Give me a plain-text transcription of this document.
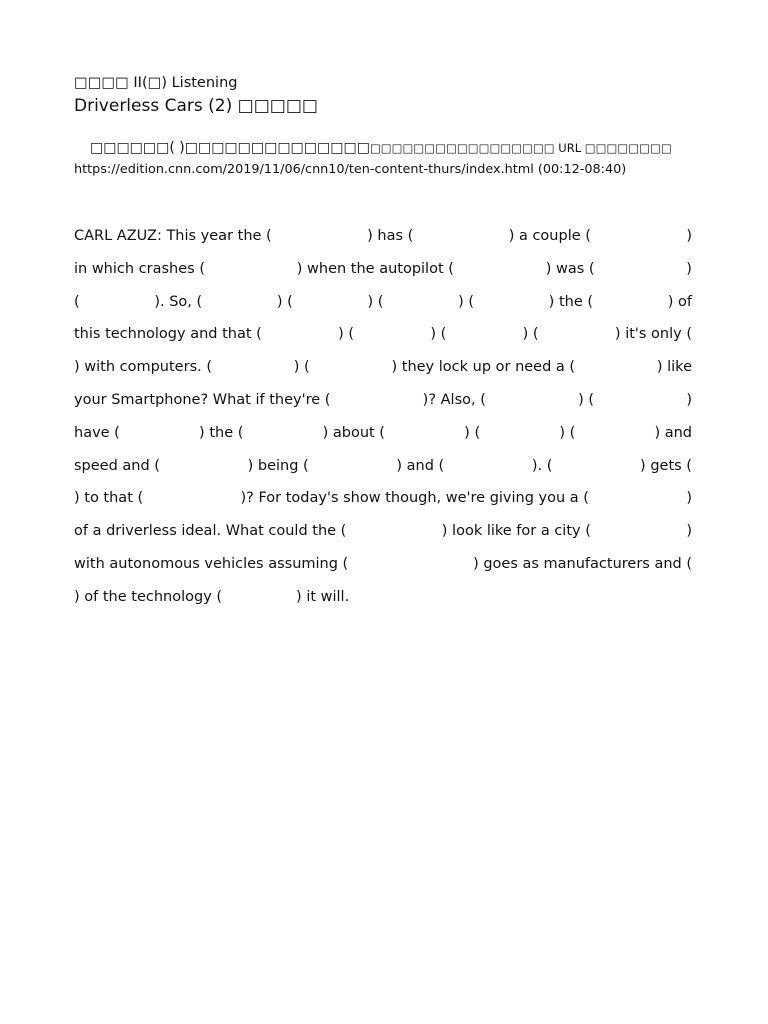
□□□□ II(□) Listening
Driverless Cars (2) □□□□□
□□□□□□( )□□□□□□□□□□□□□□□□□□□□□□□□□□□□□□□ URL □□□□□□□□
https://edition.cnn.com/2019/11/06/cnn10/ten-content-thurs/index.html (00:12-08:40)
CARL AZUZ: This year the (	) has (	) a couple (	)
in which crashes (	) when the autopilot (	) was (	)
(	). So, (	) (	) (	) (	) the (	) of
this technology and that (	) (	) (	) (	) it's only (
) with computers. (	) (	) they lock up or need a (	) like
your Smartphone? What if they're (	)? Also, (	) (	)
have (	) the (	) about (	) (	) (	) and
speed and (	) being (	) and (	). (	) gets (
) to that (	)? For today's show though, we're giving you a (	)
of a driverless ideal. What could the (	) look like for a city (	)
with autonomous vehicles assuming (	) goes as manufacturers and (
) of the technology (	) it will.
